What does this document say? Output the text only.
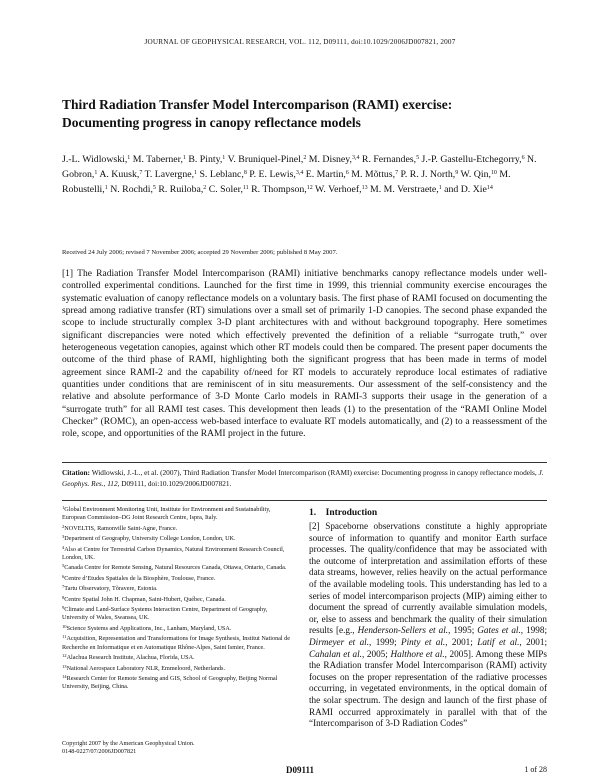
JOURNAL OF GEOPHYSICAL RESEARCH, VOL. 112, D09111, doi:10.1029/2006JD007821, 2007
Third Radiation Transfer Model Intercomparison (RAMI) exercise: Documenting progress in canopy reflectance models
J.-L. Widlowski,$^1$ M. Taberner,$^1$ B. Pinty,$^1$ V. Bruniquel-Pinel,$^2$ M. Disney,$^{3,4}$ R. Fernandes,$^5$ J.-P. Gastellu-Etchegorry,$^6$ N. Gobron,$^1$ A. Kuusk,$^7$ T. Lavergne,$^1$ S. Leblanc,$^8$ P. E. Lewis,$^{3,4}$ E. Martin,$^6$ M. Mõttus,$^7$ P. R. J. North,$^9$ W. Qin,$^{10}$ M. Robustelli,$^1$ N. Rochdi,$^5$ R. Ruiloba,$^2$ C. Soler,$^{11}$ R. Thompson,$^{12}$ W. Verhoef,$^{13}$ M. M. Verstraete,$^1$ and D. Xie$^{14}$
Received 24 July 2006; revised 7 November 2006; accepted 29 November 2006; published 8 May 2007.
[1] The Radiation Transfer Model Intercomparison (RAMI) initiative benchmarks canopy reflectance models under well-controlled experimental conditions. Launched for the first time in 1999, this triennial community exercise encourages the systematic evaluation of canopy reflectance models on a voluntary basis. The first phase of RAMI focused on documenting the spread among radiative transfer (RT) simulations over a small set of primarily 1-D canopies. The second phase expanded the scope to include structurally complex 3-D plant architectures with and without background topography. Here sometimes significant discrepancies were noted which effectively prevented the definition of a reliable “surrogate truth,” over heterogeneous vegetation canopies, against which other RT models could then be compared. The present paper documents the outcome of the third phase of RAMI, highlighting both the significant progress that has been made in terms of model agreement since RAMI-2 and the capability of/need for RT models to accurately reproduce local estimates of radiative quantities under conditions that are reminiscent of in situ measurements. Our assessment of the self-consistency and the relative and absolute performance of 3-D Monte Carlo models in RAMI-3 supports their usage in the generation of a “surrogate truth” for all RAMI test cases. This development then leads (1) to the presentation of the “RAMI Online Model Checker” (ROMC), an open-access web-based interface to evaluate RT models automatically, and (2) to a reassessment of the role, scope, and opportunities of the RAMI project in the future.
Citation: Widlowski, J.-L., et al. (2007), Third Radiation Transfer Model Intercomparison (RAMI) exercise: Documenting progress in canopy reflectance models, J. Geophys. Res., 112, D09111, doi:10.1029/2006JD007821.
$^1$Global Environment Monitoring Unit, Institute for Environment and Sustainability, European Commission–DG Joint Research Centre, Ispra, Italy.
$^2$NOVELTIS, Ramonville Saint-Agne, France.
$^3$Department of Geography, University College London, London, UK.
$^4$Also at Centre for Terrestrial Carbon Dynamics, Natural Environment Research Council, London, UK.
$^5$Canada Centre for Remote Sensing, Natural Resources Canada, Ottawa, Ontario, Canada.
$^6$Centre d’Etudes Spatiales de la Biosphère, Toulouse, France.
$^7$Tartu Observatory, Tõravere, Estonia.
$^8$Centre Spatial John H. Chapman, Saint-Hubert, Québec, Canada.
$^9$Climate and Land-Surface Systems Interaction Centre, Department of Geography, University of Wales, Swansea, UK.
$^{10}$Science Systems and Applications, Inc., Lanham, Maryland, USA.
$^{11}$Acquisition, Representation and Transformations for Image Synthesis, Institut National de Recherche en Informatique et en Automatique Rhône-Alpes, Saint Ismier, France.
$^{12}$Alachua Research Institute, Alachua, Florida, USA.
$^{13}$National Aerospace Laboratory NLR, Emmeloord, Netherlands.
$^{14}$Research Center for Remote Sensing and GIS, School of Geography, Beijing Normal University, Beijing, China.
Copyright 2007 by the American Geophysical Union.
0148-0227/07/2006JD007821
1. Introduction
[2] Spaceborne observations constitute a highly appropriate source of information to quantify and monitor Earth surface processes. The quality/confidence that may be associated with the outcome of interpretation and assimilation efforts of these data streams, however, relies heavily on the actual performance of the available modeling tools. This understanding has led to a series of model intercomparison projects (MIP) aiming either to document the spread of currently available simulation models, or, else to assess and benchmark the quality of their simulation results [e.g., Henderson-Sellers et al., 1995; Gates et al., 1998; Dirmeyer et al., 1999; Pinty et al., 2001; Latif et al., 2001; Cahalan et al., 2005; Halthore et al., 2005]. Among these MIPs the RAdiation transfer Model Intercomparison (RAMI) activity focuses on the proper representation of the radiative processes occurring, in vegetated environments, in the optical domain of the solar spectrum. The design and launch of the first phase of RAMI occurred approximately in parallel with that of the “Intercomparison of 3-D Radiation Codes”
D09111	1 of 28
